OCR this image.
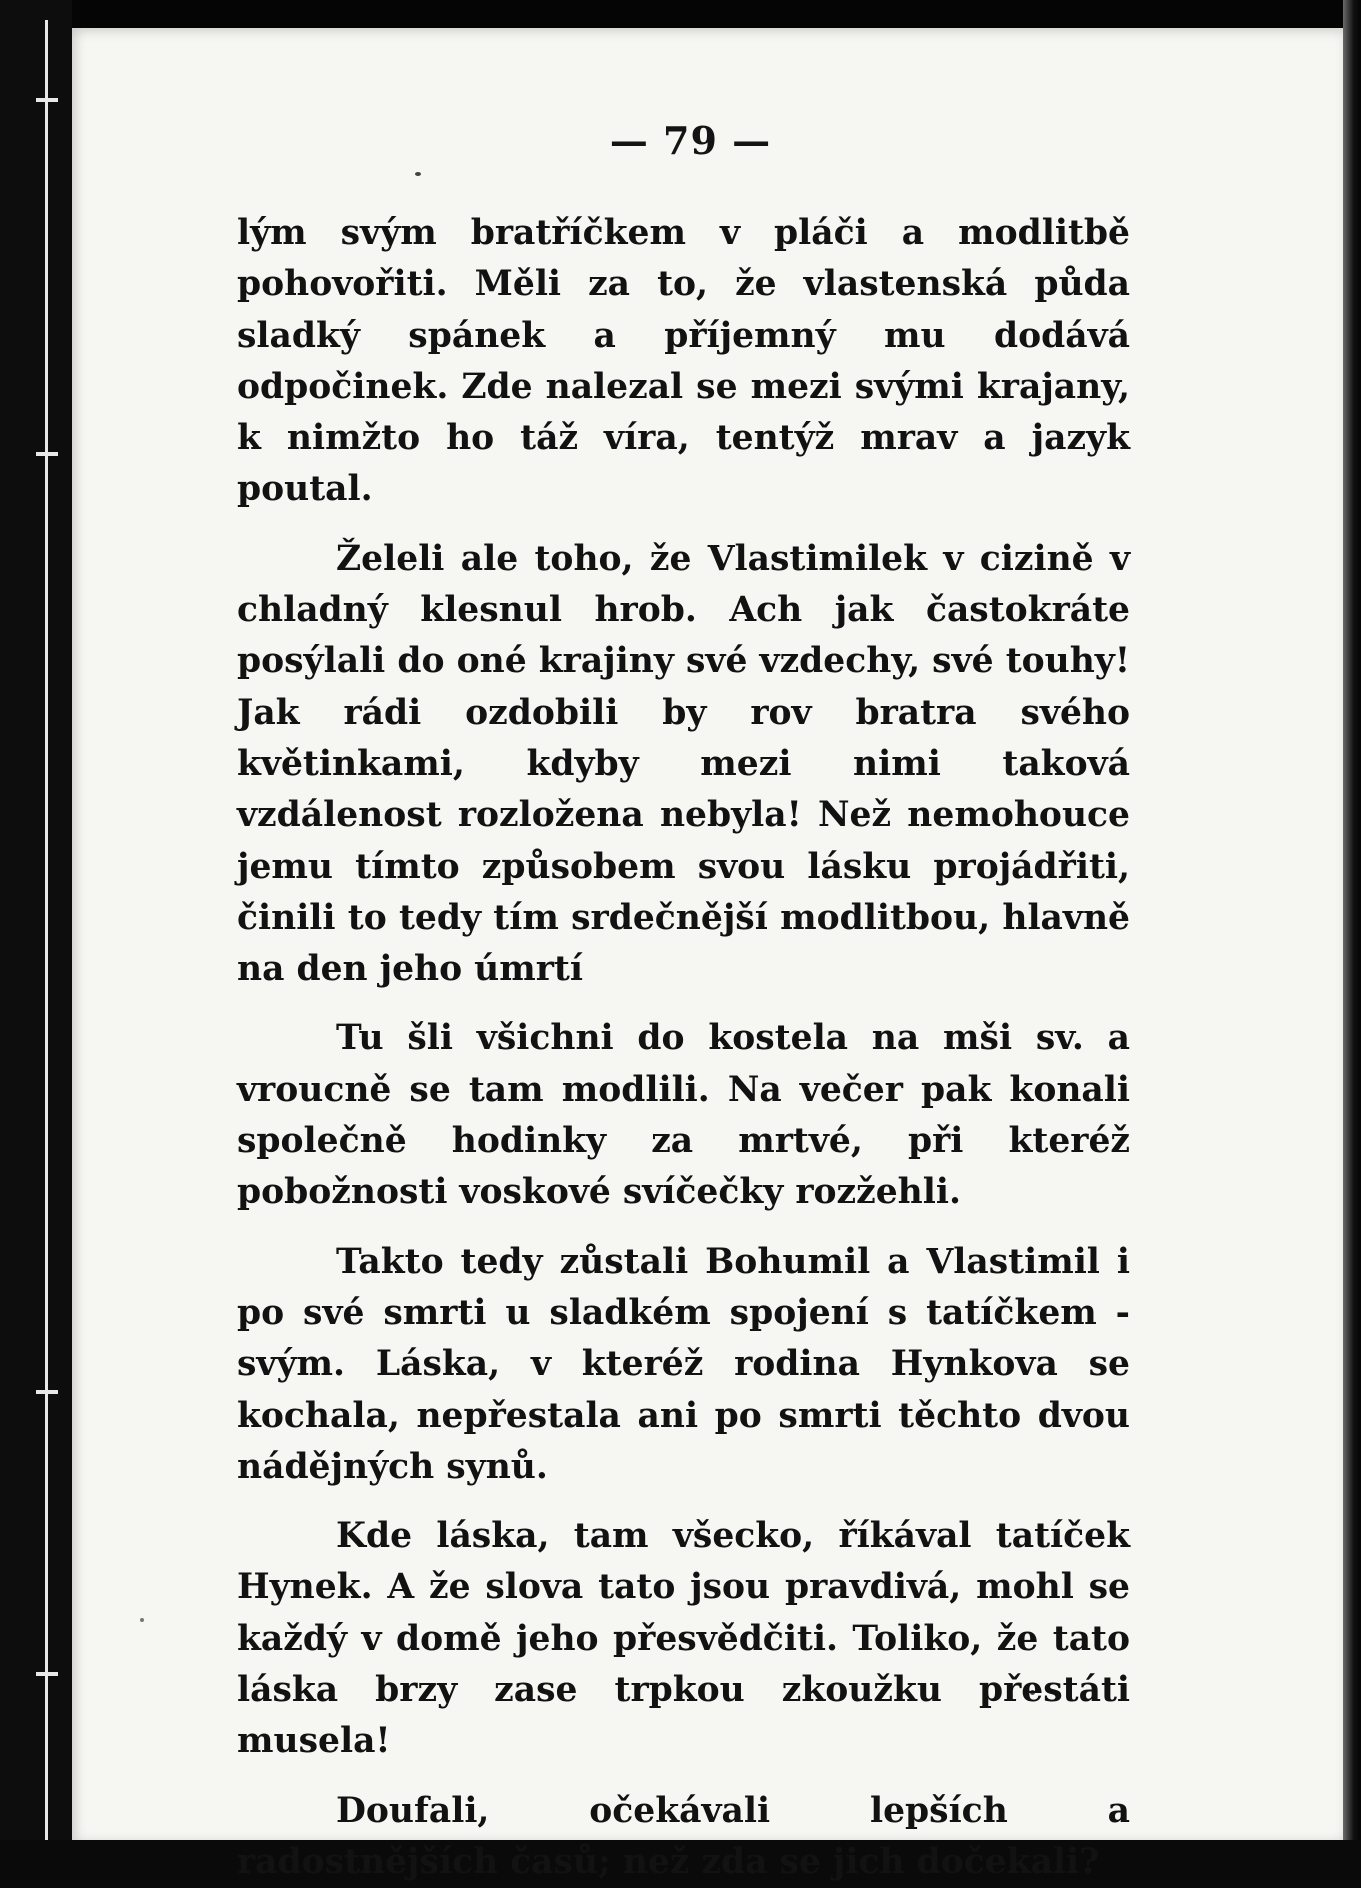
— 79 —

lým svým bratříčkem v pláči a modlitbě pohovořiti. Měli za to, že vlastenská půda sladký spánek a příjemný mu dodává odpočinek. Zde nalezal se mezi svými krajany, k nimžto ho táž víra, tentýž mrav a jazyk poutal.

Želeli ale toho, že Vlastimilek v cizině v chladný klesnul hrob. Ach jak častokráte posýlali do oné krajiny své vzdechy, své touhy! Jak rádi ozdobili by rov bratra svého květinkami, kdyby mezi nimi taková vzdálenost rozložena nebyla! Než nemohouce jemu tímto způsobem svou lásku projádřiti, činili to tedy tím srdečnější modlitbou, hlavně na den jeho úmrtí

Tu šli všichni do kostela na mši sv. a vroucně se tam modlili. Na večer pak konali společně hodinky za mrtvé, při kteréž pobožnosti voskové svíčečky rozžehli.

Takto tedy zůstali Bohumil a Vlastimil i po své smrti u sladkém spojení s tatíčkem - svým. Láska, v kteréž rodina Hynkova se kochala, nepřestala ani po smrti těchto dvou nádějných synů.

Kde láska, tam všecko, říkával tatíček Hynek. A že slova tato jsou pravdivá, mohl se každý v domě jeho přesvědčiti. Toliko, že tato láska brzy zase trpkou zkoužku přestáti musela!

Doufali, očekávali lepších a radostnějších časů; než zda se jich dočekali?
